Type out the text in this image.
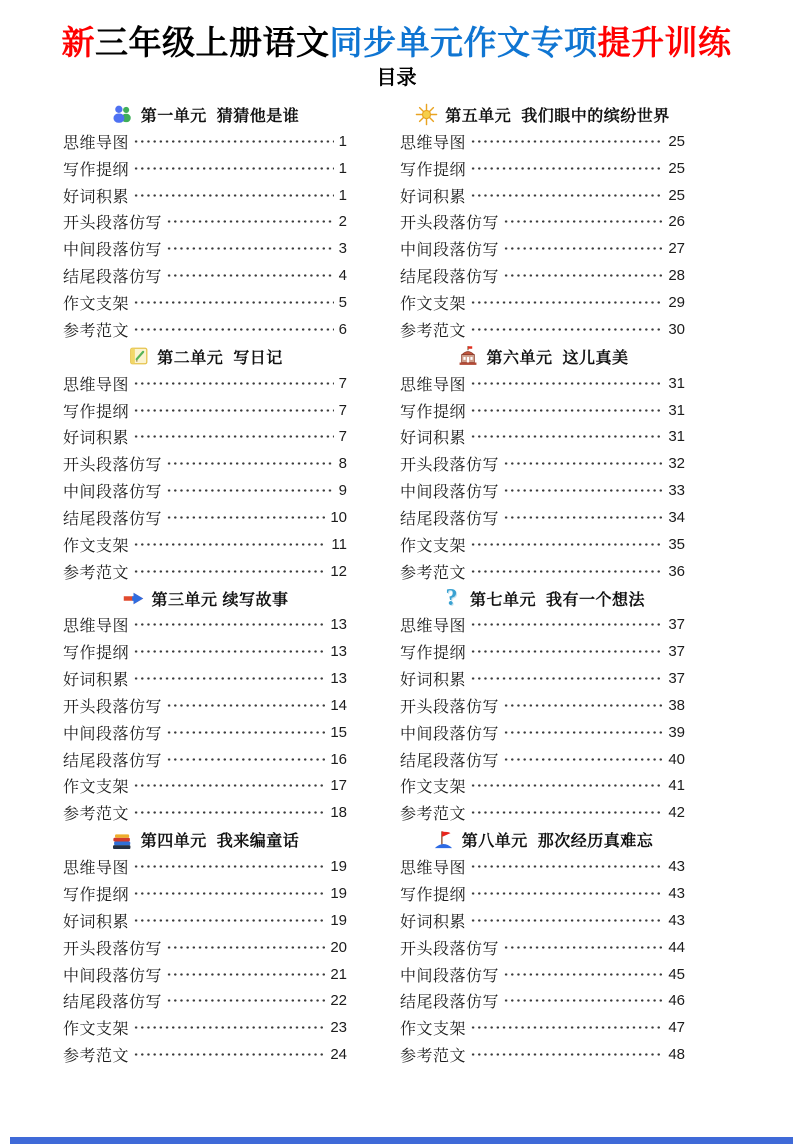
新三年级上册语文同步单元作文专项提升训练
目录
第一单元  猜猜他是谁
思维导图	1
写作提纲	1
好词积累	1
开头段落仿写	2
中间段落仿写	3
结尾段落仿写	4
作文支架	5
参考范文	6
第二单元  写日记
思维导图	7
写作提纲	7
好词积累	7
开头段落仿写	8
中间段落仿写	9
结尾段落仿写	10
作文支架	11
参考范文	12
第三单元 续写故事
思维导图	13
写作提纲	13
好词积累	13
开头段落仿写	14
中间段落仿写	15
结尾段落仿写	16
作文支架	17
参考范文	18
第四单元  我来编童话
思维导图	19
写作提纲	19
好词积累	19
开头段落仿写	20
中间段落仿写	21
结尾段落仿写	22
作文支架	23
参考范文	24
第五单元  我们眼中的缤纷世界
思维导图	25
写作提纲	25
好词积累	25
开头段落仿写	26
中间段落仿写	27
结尾段落仿写	28
作文支架	29
参考范文	30
第六单元  这儿真美
思维导图	31
写作提纲	31
好词积累	31
开头段落仿写	32
中间段落仿写	33
结尾段落仿写	34
作文支架	35
参考范文	36
? 第七单元  我有一个想法
思维导图	37
写作提纲	37
好词积累	37
开头段落仿写	38
中间段落仿写	39
结尾段落仿写	40
作文支架	41
参考范文	42
第八单元  那次经历真难忘
思维导图	43
写作提纲	43
好词积累	43
开头段落仿写	44
中间段落仿写	45
结尾段落仿写	46
作文支架	47
参考范文	48
